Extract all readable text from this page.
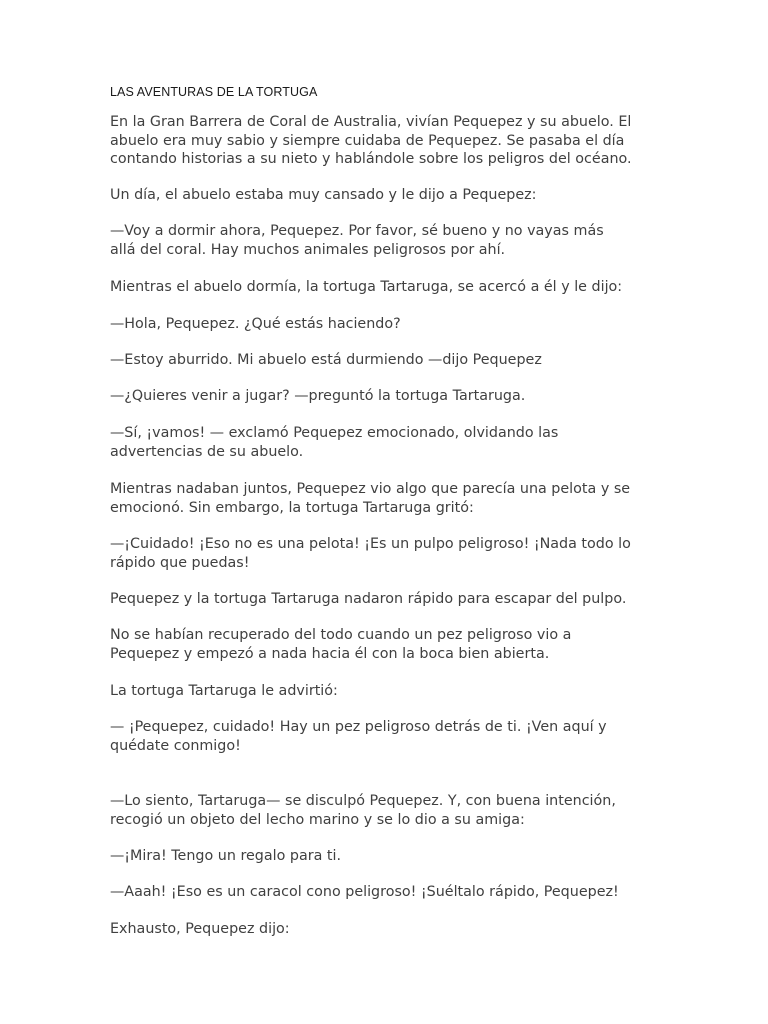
LAS AVENTURAS DE LA TORTUGA

En la Gran Barrera de Coral de Australia, vivían Pequepez y su abuelo. El
abuelo era muy sabio y siempre cuidaba de Pequepez. Se pasaba el día
contando historias a su nieto y hablándole sobre los peligros del océano.

Un día, el abuelo estaba muy cansado y le dijo a Pequepez:

—Voy a dormir ahora, Pequepez. Por favor, sé bueno y no vayas más
allá del coral. Hay muchos animales peligrosos por ahí.

Mientras el abuelo dormía, la tortuga Tartaruga, se acercó a él y le dijo:

—Hola, Pequepez. ¿Qué estás haciendo?

—Estoy aburrido. Mi abuelo está durmiendo —dijo Pequepez

—¿Quieres venir a jugar? —preguntó la tortuga Tartaruga.

—Sí, ¡vamos! — exclamó Pequepez emocionado, olvidando las
advertencias de su abuelo.

Mientras nadaban juntos, Pequepez vio algo que parecía una pelota y se
emocionó. Sin embargo, la tortuga Tartaruga gritó:

—¡Cuidado! ¡Eso no es una pelota! ¡Es un pulpo peligroso! ¡Nada todo lo
rápido que puedas!

Pequepez y la tortuga Tartaruga nadaron rápido para escapar del pulpo.

No se habían recuperado del todo cuando un pez peligroso vio a
Pequepez y empezó a nada hacia él con la boca bien abierta.

La tortuga Tartaruga le advirtió:

— ¡Pequepez, cuidado! Hay un pez peligroso detrás de ti. ¡Ven aquí y
quédate conmigo!

—Lo siento, Tartaruga— se disculpó Pequepez. Y, con buena intención,
recogió un objeto del lecho marino y se lo dio a su amiga:

—¡Mira! Tengo un regalo para ti.

—Aaah! ¡Eso es un caracol cono peligroso! ¡Suéltalo rápido, Pequepez!

Exhausto, Pequepez dijo:
